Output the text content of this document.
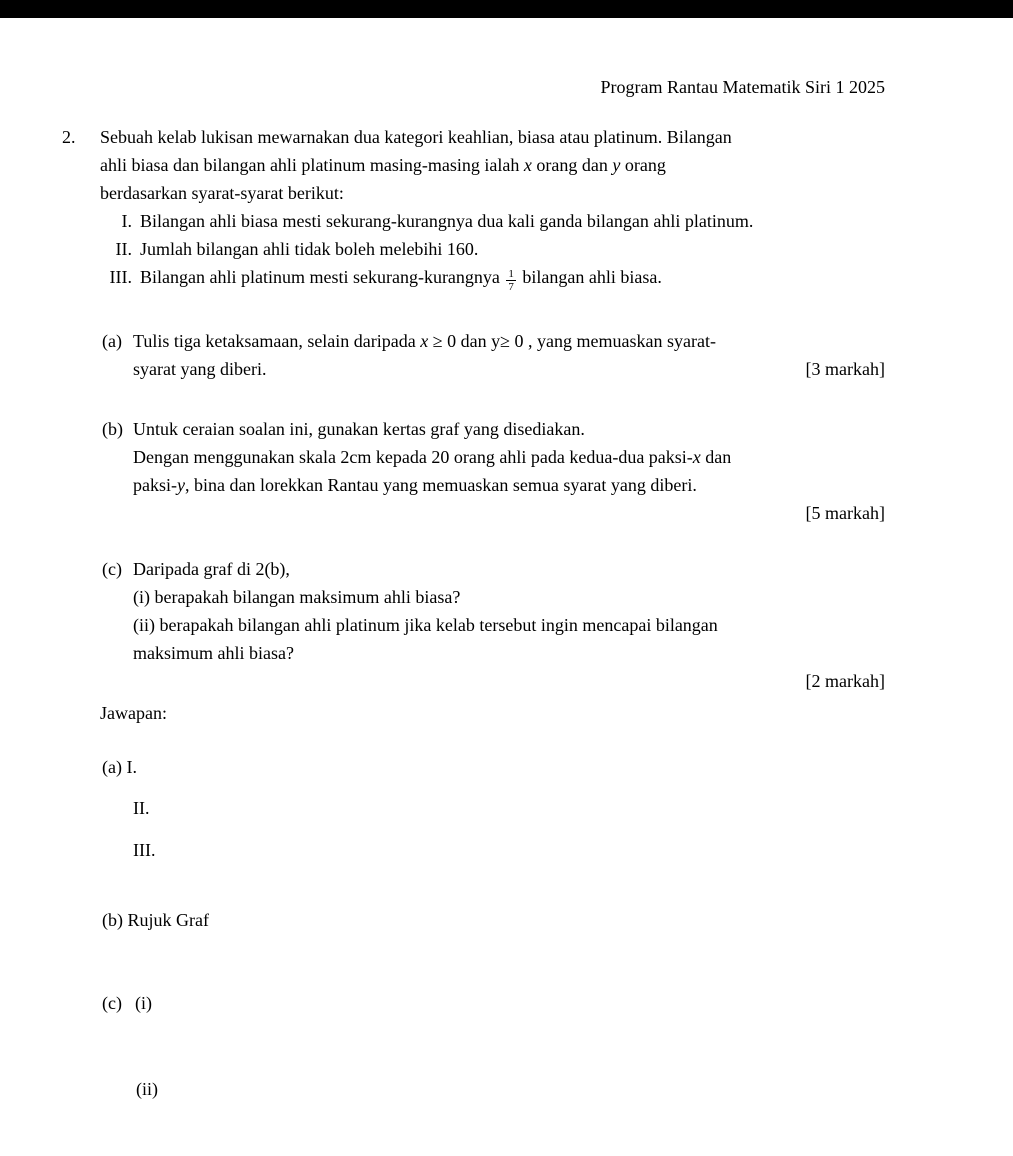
Program Rantau Matematik Siri 1 2025
2.	Sebuah kelab lukisan mewarnakan dua kategori keahlian, biasa atau platinum. Bilangan
ahli biasa dan bilangan ahli platinum masing-masing ialah x orang dan y orang
berdasarkan syarat-syarat berikut:
I. Bilangan ahli biasa mesti sekurang-kurangnya dua kali ganda bilangan ahli platinum.
II. Jumlah bilangan ahli tidak boleh melebihi 160.
III. Bilangan ahli platinum mesti sekurang-kurangnya $\frac{1}{7}$ bilangan ahli biasa.
(a) Tulis tiga ketaksamaan, selain daripada x ≥ 0 dan y≥ 0 , yang memuaskan syarat-
syarat yang diberi.	[3 markah]
(b) Untuk ceraian soalan ini, gunakan kertas graf yang disediakan.
Dengan menggunakan skala 2cm kepada 20 orang ahli pada kedua-dua paksi-x dan
paksi-y, bina dan lorekkan Rantau yang memuaskan semua syarat yang diberi.
[5 markah]
(c) Daripada graf di 2(b),
(i) berapakah bilangan maksimum ahli biasa?
(ii) berapakah bilangan ahli platinum jika kelab tersebut ingin mencapai bilangan
maksimum ahli biasa?
[2 markah]
Jawapan:
(a) I.
II.
III.
(b) Rujuk Graf
(c) (i)
(ii)
